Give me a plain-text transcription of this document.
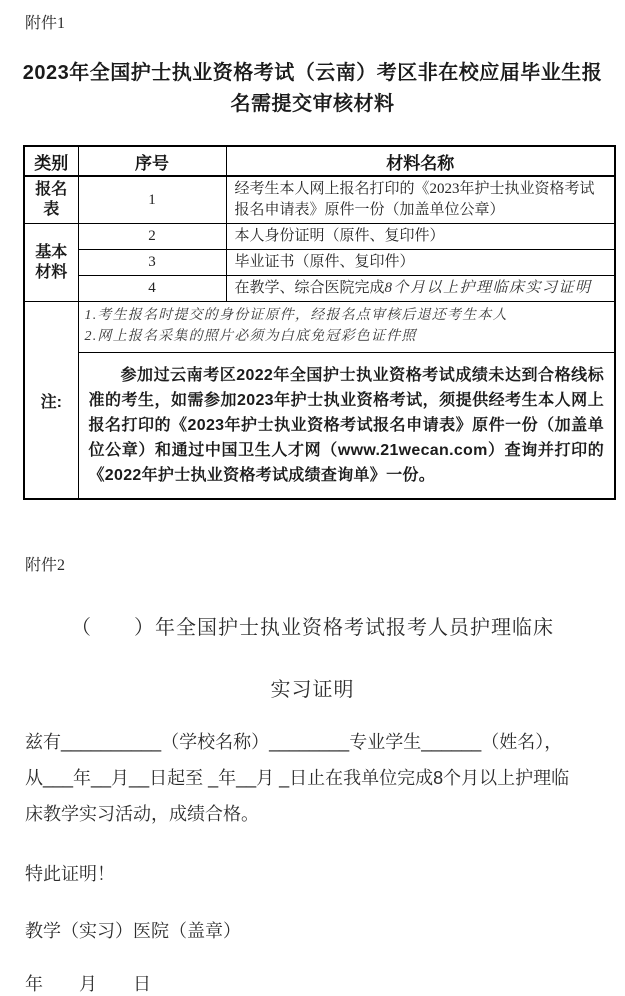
附件1
2023年全国护士执业资格考试（云南）考区非在校应届毕业生报名需提交审核材料
类别	序号	材料名称
报名表	1	经考生本人网上报名打印的《2023年护士执业资格考试报名申请表》原件一份（加盖单位公章）
基本材料	2	本人身份证明（原件、复印件）
	3	毕业证书（原件、复印件）
	4	在教学、综合医院完成8个月以上护理临床实习证明
注:	1.考生报名时提交的身份证原件，经报名点审核后退还考生本人
2.网上报名采集的照片必须为白底免冠彩色证件照	

	参加过云南考区2022年全国护士执业资格考试成绩未达到合格线标准的考生，如需参加2023年护士执业资格考试，须提供经考生本人网上报名打印的《2023年护士执业资格考试报名申请表》原件一份（加盖单位公章）和通过中国卫生人才网（www.21wecan.com）查询并打印的《2022年护士执业资格考试成绩查询单》一份。	
附件2
（　　）年全国护士执业资格考试报考人员护理临床
实习证明

兹有__________（学校名称）________专业学生______（姓名），
从___年__月__日起至 _年__月 _日止在我单位完成8个月以上护理临
床教学实习活动，成绩合格。

特此证明！
教学（实习）医院（盖章）
年　　月　　日
